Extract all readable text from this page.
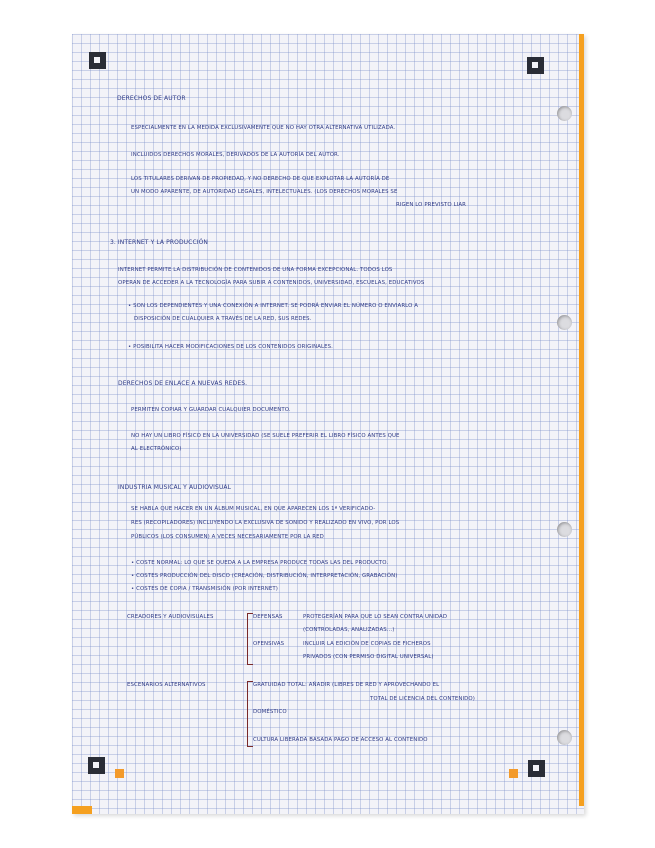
DERECHOS DE AUTOR
ESPECIALMENTE EN LA MEDIDA EXCLUSIVAMENTE QUE NO HAY OTRA ALTERNATIVA UTILIZADA.
INCLUIDOS DERECHOS MORALES, DERIVADOS DE LA AUTORÍA DEL AUTOR.
LOS TITULARES DERIVAN DE PROPIEDAD, Y NO DERECHO DE QUE EXPLOTAR LA AUTORÍA DE
UN MODO APARENTE, DE AUTORIDAD LEGALES, INTELECTUALES. (LOS DERECHOS MORALES SE
RIGEN LO PREVISTO LIAR
3. INTERNET Y LA PRODUCCIÓN
INTERNET PERMITE LA DISTRIBUCIÓN DE CONTENIDOS DE UNA FORMA EXCEPCIONAL. TODOS LOS
OPERAN DE ACCEDER A LA TECNOLOGÍA PARA SUBIR A CONTENIDOS, UNIVERSIDAD, ESCUELAS, EDUCATIVOS
• SON LOS DEPENDIENTES Y UNA CONEXIÓN A INTERNET. SE PODRÁ ENVIAR EL NÚMERO O ENVIARLO A
DISPOSICIÓN DE CUALQUIER A TRAVÉS DE LA RED, SUS REDES.
• POSIBILITA HACER MODIFICACIONES DE LOS CONTENIDOS ORIGINALES.
DERECHOS DE ENLACE A NUEVAS REDES.
PERMITEN COPIAR Y GUARDAR CUALQUIER DOCUMENTO.
NO HAY UN LIBRO FÍSICO EN LA UNIVERSIDAD (SE SUELE PREFERIR EL LIBRO FÍSICO ANTES QUE
AL ELECTRÓNICO)
INDUSTRIA MUSICAL Y AUDIOVISUAL
SE HABLA QUE HACER EN UN ÁLBUM MUSICAL, EN QUE APARECEN LOS 1ª VERIFICADO-
RES (RECOPILADORES) INCLUYENDO LA EXCLUSIVA DE SONIDO Y REALIZADO EN VIVO, POR LOS
PÚBLICOS (LOS CONSUMEN) A VECES NECESARIAMENTE POR LA RED
• COSTE NORMAL: LO QUE SE QUEDA A LA EMPRESA PRODUCE TODAS LAS DEL PRODUCTO.
• COSTES PRODUCCIÓN DEL DISCO (CREACIÓN, DISTRIBUCIÓN, INTERPRETACIÓN, GRABACIÓN)
• COSTES DE COPIA / TRANSMISIÓN (POR INTERNET)
CREADORES Y AUDIOVISUALES	DEFENSAS	PROTEGERÍAN PARA QUE LO SEAN CONTRA UNIDAD
(CONTROLADAS, ANALIZADAS...)
OFENSIVAS	INCLUIR LA EDICIÓN DE COPIAS DE FICHEROS
PRIVADOS (CON PERMISO DIGITAL UNIVERSAL)
ESCENARIOS ALTERNATIVOS	GRATUIDAD TOTAL: AÑADIR (LIBRES DE RED Y APROVECHANDO EL
TOTAL DE LICENCIA DEL CONTENIDO)
DOMÉSTICO
CULTURA LIBERADA BASADA PAGO DE ACCESO AL CONTENIDO
